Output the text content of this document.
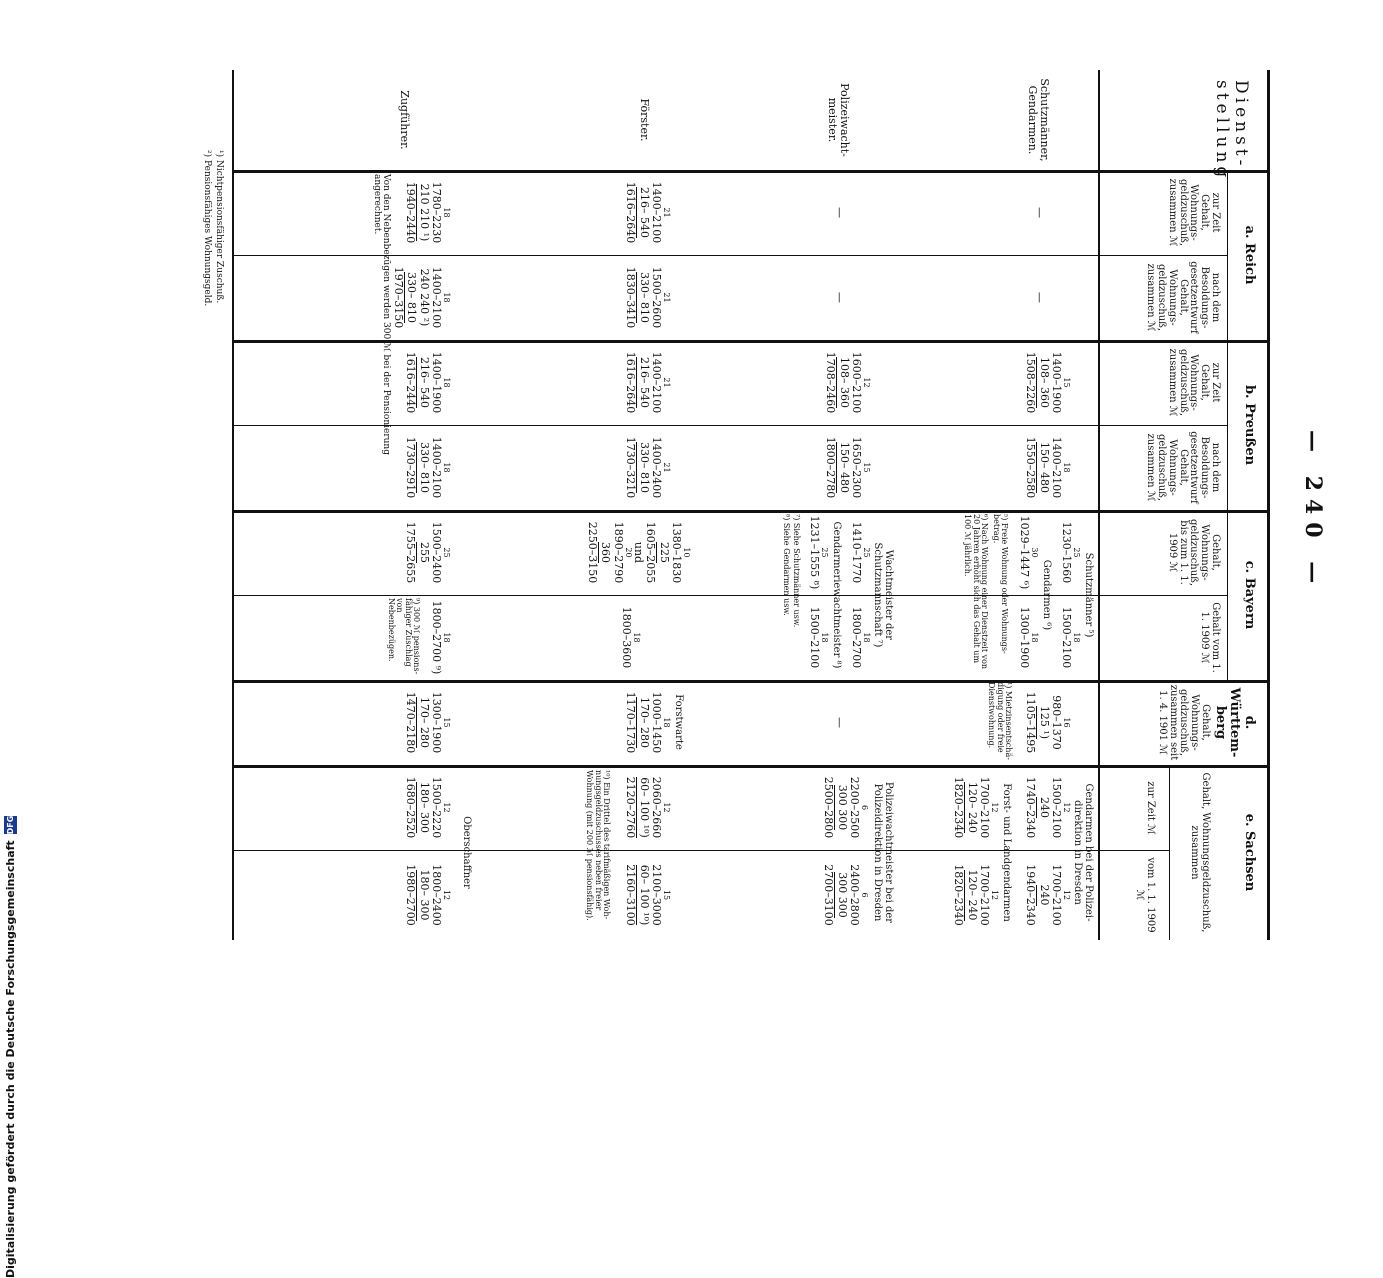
— 240 —
Dienst-stellung
a. Reich
b. Preußen
c. Bayern
d. Württem-berg
e. Sachsen
zur Zeit Gehalt, Wohnungs-geldzuschuß, zusammen ℳ
nach dem Besoldungs-gesetzentwurf Gehalt, Wohnungs-geldzuschuß, zusammen ℳ
zur Zeit Gehalt, Wohnungs-geldzuschuß, zusammen ℳ
nach dem Besoldungs-gesetzentwurf Gehalt, Wohnungs-geldzuschuß, zusammen ℳ
Gehalt, Wohnungs-geldzuschuß, bis zum 1. 1. 1909 ℳ
Gehalt vom 1. 1. 1909 ℳ
Gehalt, Wohnungs-geldzuschuß, zusammen seit 1. 4. 1901 ℳ
Gehalt, Wohnungsgeldzuschuß, zusammen
zur Zeit ℳ
vom 1. 1. 1909 ℳ
Schutzmänner, Gendarmen.
Polizeiwacht-meister.
Förster.
Zugführer.
—
—
15
1400–1900
108– 360
1508–2260
18
1400–2100
150– 480
1550–2580
Schutzmänner ⁵)
25
1230–1560
18
1500–2100
Gendarmen ⁶)
30
1029–1447 ⁶)
18
1300–1900
⁵) Freie Wohnung oder Wohnungs-betrag.
⁶) Nach Wohnung einer Dienstzeit von 20 Jahren erhöht sich das Gehalt um 100 ℳ jährlich.
16
980–1370
125 ¹)
1105–1495
¹) Mietzinsentschä-digung oder freie Dienstwohnung.
Gendarmen bei der Polizei-direktion in Dresden
12
1500–2100
240
1740–2340
12
1700–2100
240
1940–2340
Forst- und Landgendarmen
12
1700–2100
120– 240
1820–2340
12
1700–2100
120– 240
1820–2340
—
—
12
1600–2100
108– 360
1708–2460
15
1650–2300
150– 480
1800–2780
Wachtmeister der Schutzmannschaft ⁷)
25
1410–1770
18
1800–2700
Gendarmeriewachtmeister ⁸)
25
1231–1555 ⁸)
18
1500–2100
⁷) Siehe Schutzmänner usw.
⁸) Siehe Gendarmen usw.
—
Polizeiwachtmeister bei der Polizeidirektion in Dresden
6
2200–2500
300 300
2500–2800
6
2400–2800
300 300
2700–3100
21
1400–2100
216– 540
1616–2640
21
1500–2600
330– 810
1830–3410
21
1400–2100
216– 540
1616–2640
21
1400–2400
330– 810
1730–3210
10
1380–1830
225
1605–2055
und
20
1890–2790
360
2250–3150
18
1800–3600
Forstwarte
18
1000–1450
170– 280
1170–1730
12
2060–2660
60– 100 ¹⁰)
2120–2760
15
2100–3000
60– 100 ¹⁰)
2160–3100
¹⁰) Ein Drittel des tarifmäßigen Woh-nungsgeldzuschusses neben freier Wohnung (mit 200 ℳ pensionsfähig).
18
1780–2230
210 210 ¹)
1940–2440
18
1400–2100
240 240 ²)
330– 810
1970–3150
Von den Nebenbezügen werden 300 ℳ bei der Pensionierung angerechnet.
18
1400–1900
216– 540
1616–2440
18
1400–2100
330– 810
1730–2910
25
1500–2400
255
1755–2655
18
1800–2700 ⁹)
⁹) 300 ℳ pensions-fähiger Zuschlag von Nebenbezügen.
15
1300–1900
170– 280
1470–2180
Oberschaffner
12
1500–2220
180– 300
1680–2520
12
1800–2400
180– 300
1980–2700
¹) Nichtpensionsfähiger Zuschuß.
²) Pensionsfähiges Wohnungsgeld.
Digitalisierung gefördert durch die Deutsche Forschungsgemeinschaft
DFG
